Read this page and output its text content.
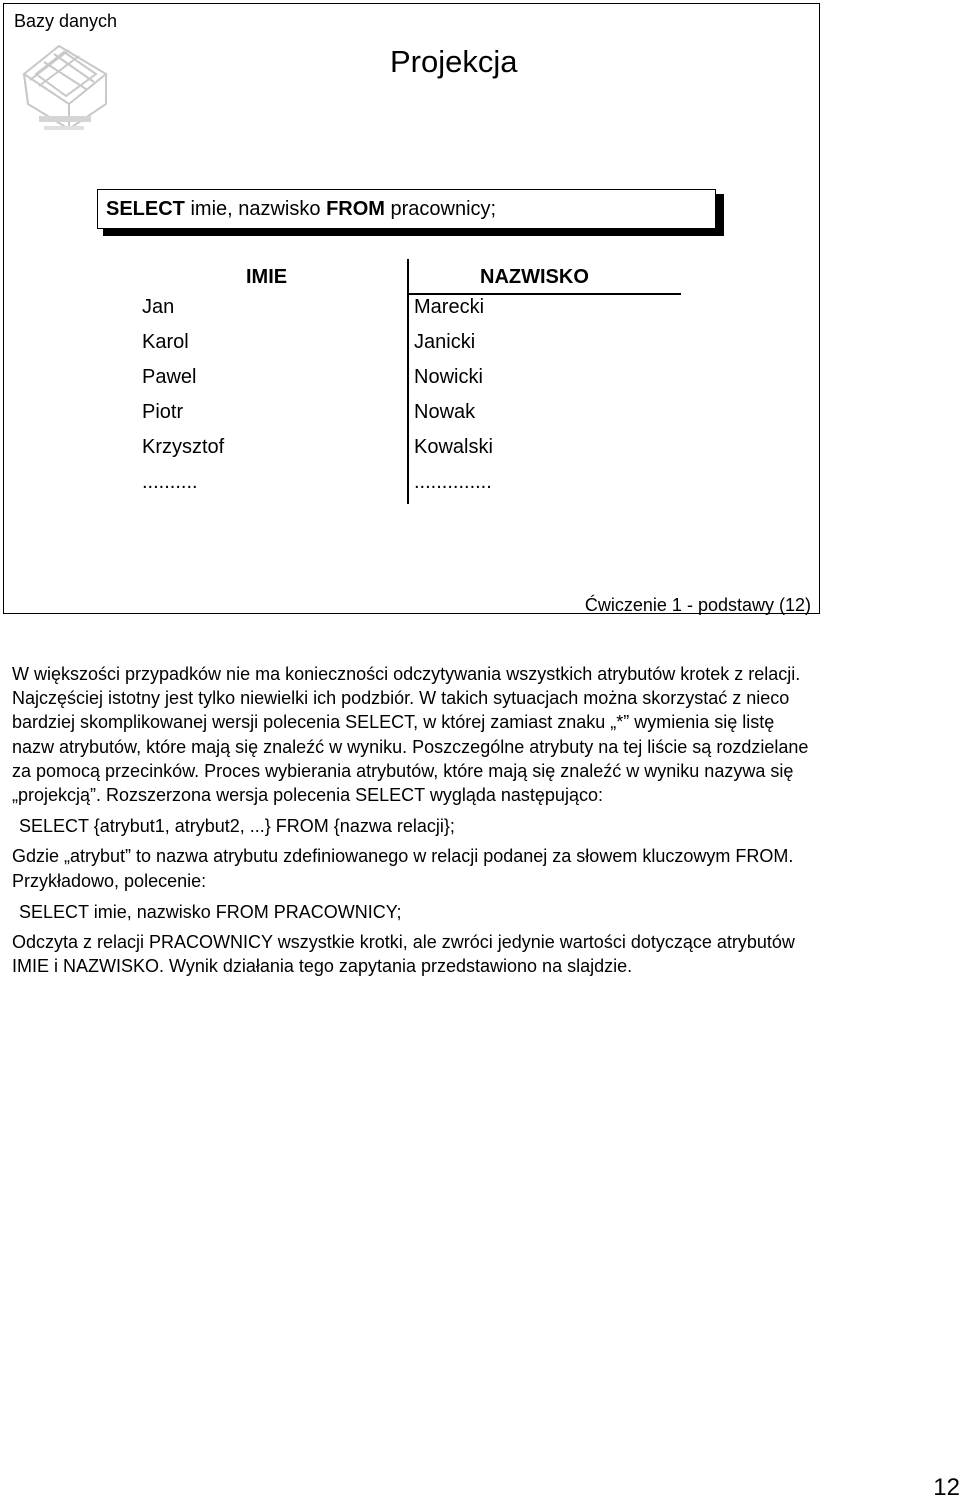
Bazy danych
Projekcja
SELECT imie, nazwisko FROM pracownicy;
IMIE	NAZWISKO
Jan	Marecki
Karol	Janicki
Pawel	Nowicki
Piotr	Nowak
Krzysztof	Kowalski
..........	..............
Ćwiczenie 1 - podstawy (12)

W większości przypadków nie ma konieczności odczytywania wszystkich atrybutów krotek z relacji. Najczęściej istotny jest tylko niewielki ich podzbiór. W takich sytuacjach można skorzystać z nieco bardziej skomplikowanej wersji polecenia SELECT, w której zamiast znaku „*” wymienia się listę nazw atrybutów, które mają się znaleźć w wyniku. Poszczególne atrybuty na tej liście są rozdzielane za pomocą przecinków. Proces wybierania atrybutów, które mają się znaleźć w wyniku nazywa się „projekcją”. Rozszerzona wersja polecenia SELECT wygląda następująco:

SELECT {atrybut1, atrybut2, ...} FROM {nazwa relacji};

Gdzie „atrybut” to nazwa atrybutu zdefiniowanego w relacji podanej za słowem kluczowym FROM. Przykładowo, polecenie:

SELECT imie, nazwisko FROM PRACOWNICY;

Odczyta z relacji PRACOWNICY wszystkie krotki, ale zwróci jedynie wartości dotyczące atrybutów IMIE i NAZWISKO. Wynik działania tego zapytania przedstawiono na slajdzie.

12
